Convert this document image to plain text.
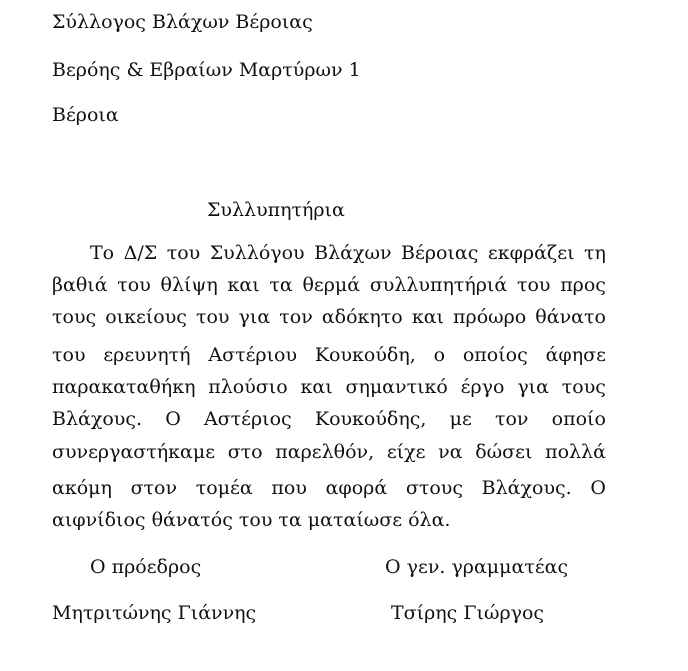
Σύλλογος Βλάχων Βέροιας
Βερόης & Εβραίων Μαρτύρων 1
Βέροια
Συλλυπητήρια
Το Δ/Σ του Συλλόγου Βλάχων Βέροιας εκφράζει τη
βαθιά του θλίψη και τα θερμά συλλυπητήριά του προς
τους οικείους του για τον αδόκητο και πρόωρο θάνατο
του ερευνητή Αστέριου Κουκούδη, ο οποίος άφησε
παρακαταθήκη πλούσιο και σημαντικό έργο για τους
Βλάχους. Ο Αστέριος Κουκούδης, με τον οποίο
συνεργαστήκαμε στο παρελθόν, είχε να δώσει πολλά
ακόμη στον τομέα που αφορά στους Βλάχους. Ο
αιφνίδιος θάνατός του τα ματαίωσε όλα.
Ο πρόεδρος	Ο γεν. γραμματέας
Μητριτώνης Γιάννης	Τσίρης Γιώργος
